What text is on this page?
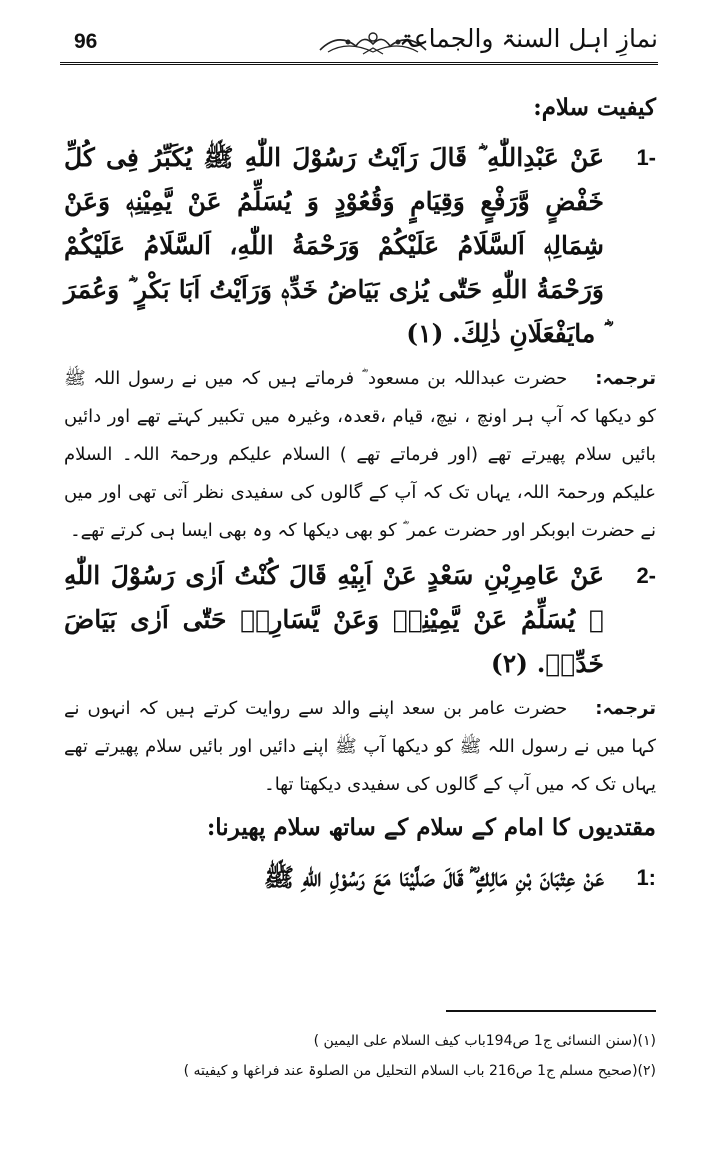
96	نمازِ اہل السنۃ والجماعۃ
کیفیت سلام:
1-
عَنْ عَبْدِاللّٰهِ ؓ قَالَ رَاَيْتُ رَسُوْلَ اللّٰهِ ﷺ يُكَبِّرُ فِى كُلِّ خَفْضٍ وَّرَفْعٍ وَقِيَامٍ وَقُعُوْدٍ وَ يُسَلِّمُ عَنْ يَّمِيْنِهٖ وَعَنْ شِمَالِهٖ اَلسَّلَامُ عَلَيْكُمْ وَرَحْمَةُ اللّٰهِ، اَلسَّلَامُ عَلَيْكُمْ وَرَحْمَةُ اللّٰهِ حَتّٰى يُرٰى بَيَاضُ خَدِّهٖ وَرَاَيْتُ اَبَا بَكْرٍ ؓ وَعُمَرَ ؓ مايَفْعَلَانِ ذٰلِكَ. (١)
ترجمہ:حضرت عبداللہ بن مسعود ؓ فرماتے ہیں کہ میں نے رسول اللہ ﷺ کو دیکھا کہ آپ ہر اونچ ، نیچ، قیام ،قعدہ، وغیرہ میں تکبیر کہتے تھے اور دائیں بائیں سلام پھیرتے تھے (اور فرماتے تھے ) السلام علیکم ورحمۃ اللہ۔ السلام علیکم ورحمۃ اللہ، یہاں تک کہ آپ کے گالوں کی سفیدی نظر آتی تھی اور میں نے حضرت ابوبکر اور حضرت عمر ؓ کو بھی دیکھا کہ وہ بھی ایسا ہی کرتے تھے۔
2-
عَنْ عَامِرِبْنِ سَعْدٍ عَنْ اَبِيْهِ قَالَ كُنْتُ اَرٰى رَسُوْلَ اللّٰهِ ﷺ يُسَلِّمُ عَنْ يَّمِيْنِهٖ وَعَنْ يَّسَارِهٖ حَتّٰى اَرٰى بَيَاضَ خَدِّهٖ. (٢)
ترجمہ:حضرت عامر بن سعد اپنے والد سے روایت کرتے ہیں کہ انہوں نے کہا میں نے رسول اللہ ﷺ کو دیکھا آپ ﷺ اپنے دائیں اور بائیں سلام پھیرتے تھے یہاں تک کہ میں آپ کے گالوں کی سفیدی دیکھتا تھا۔
مقتدیوں کا امام کے سلام کے ساتھ سلام پھیرنا:
1:
عَنْ عِتْبَانَ بْنِ مَالِكٍ ؓ قَالَ صَلَّيْنَا مَعَ رَسُوْلِ اللّٰهِ ﷺ
(١)(سنن النسائی ج1 ص194باب کیف السلام علی الیمین )
(٢)(صحیح مسلم ج1 ص216 باب السلام التحلیل من الصلوۃ عند فراغها و کیفیته )
